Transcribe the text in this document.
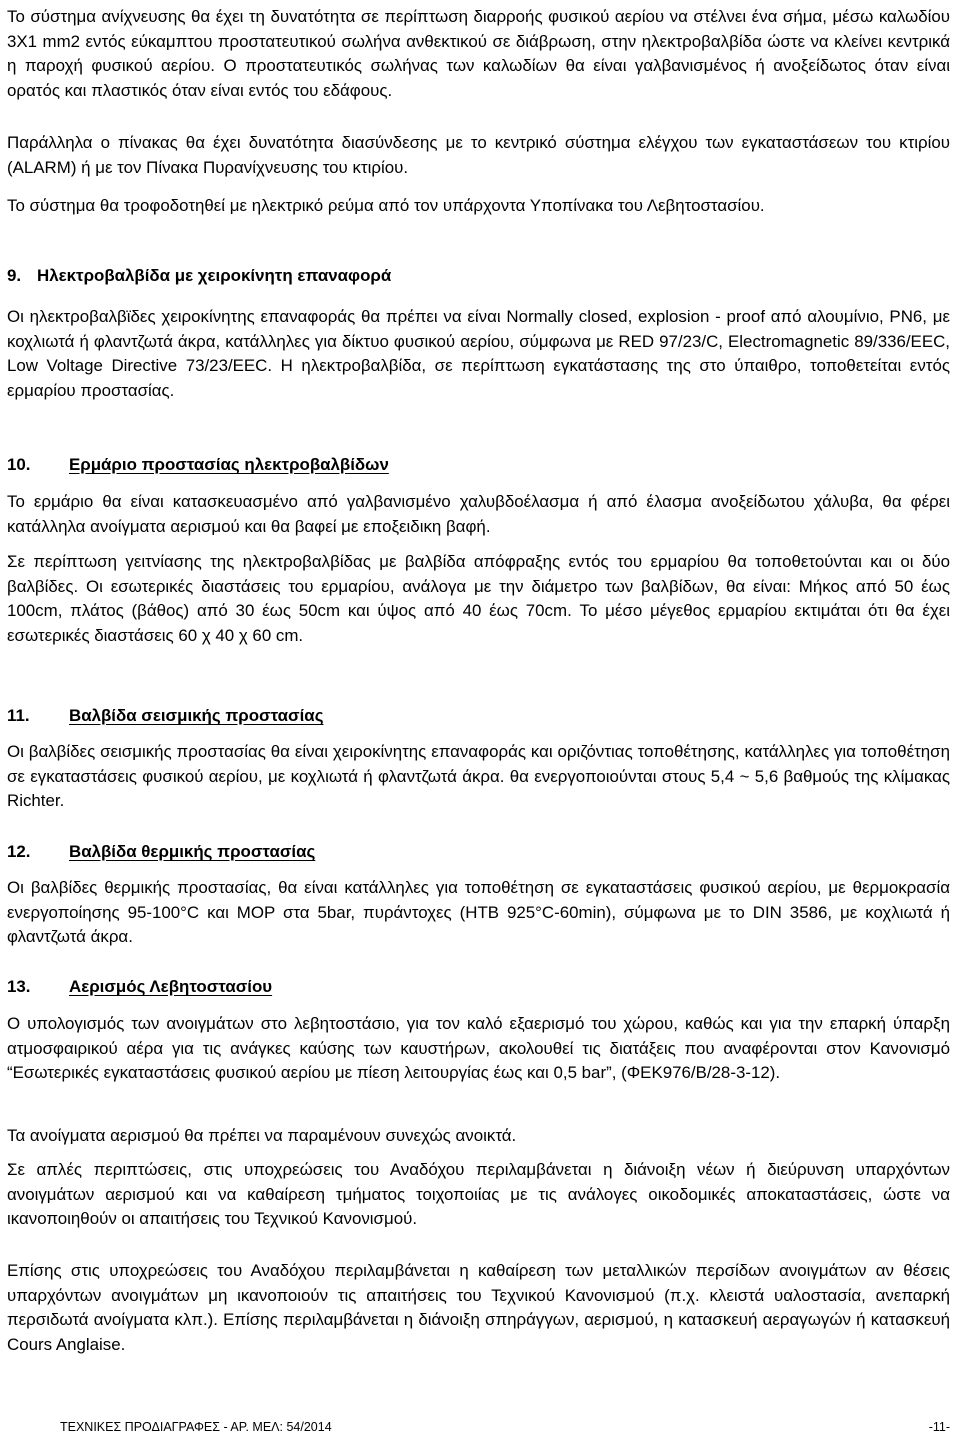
Το σύστημα ανίχνευσης θα έχει τη δυνατότητα σε περίπτωση διαρροής φυσικού αερίου να στέλνει ένα σήμα, μέσω καλωδίου 3Χ1 mm2 εντός εύκαμπτου προστατευτικού σωλήνα ανθεκτικού σε διάβρωση, στην ηλεκτροβαλβίδα ώστε να κλείνει κεντρικά η παροχή φυσικού αερίου. Ο προστατευτικός σωλήνας των καλωδίων θα είναι γαλβανισμένος ή ανοξείδωτος όταν είναι ορατός και πλαστικός όταν είναι εντός του εδάφους.

Παράλληλα ο πίνακας θα έχει δυνατότητα διασύνδεσης με το κεντρικό σύστημα ελέγχου των εγκαταστάσεων του κτιρίου (ALARM) ή με τον Πίνακα Πυρανίχνευσης του κτιρίου.

Το σύστημα θα τροφοδοτηθεί με ηλεκτρικό ρεύμα από τον υπάρχοντα Υποπίνακα του Λεβητοστασίου.

9. Ηλεκτροβαλβίδα με χειροκίνητη επαναφορά

Οι ηλεκτροβαλβϊδες χειροκίνητης επαναφοράς θα πρέπει να είναι Normally closed, explosion - proof από αλουμίνιο, PN6, με κοχλιωτά ή φλαντζωτά άκρα, κατάλληλες για δίκτυο φυσικού αερίου, σύμφωνα με RED 97/23/C, Electromagnetic 89/336/EEC, Low Voltage Directive 73/23/EEC. Η ηλεκτροβαλβίδα, σε περίπτωση εγκατάστασης της στο ύπαιθρο, τοποθετείται εντός ερμαρίου προστασίας.

10.	Ερμάριο προστασίας ηλεκτροβαλβίδων

Το ερμάριο θα είναι κατασκευασμένο από γαλβανισμένο χαλυβδοέλασμα ή από έλασμα ανοξείδωτου χάλυβα, θα φέρει κατάλληλα ανοίγματα αερισμού και θα βαφεί με εποξειδικη βαφή.

Σε περίπτωση γειτνίασης της ηλεκτροβαλβίδας με βαλβίδα απόφραξης εντός του ερμαρίου θα τοποθετούνται και οι δύο βαλβίδες. Οι εσωτερικές διαστάσεις του ερμαρίου, ανάλογα με την διάμετρο των βαλβίδων, θα είναι: Μήκος από 50 έως 100cm, πλάτος (βάθος) από 30 έως 50cm και ύψος από 40 έως 70cm. Το μέσο μέγεθος ερμαρίου εκτιμάται ότι θα έχει εσωτερικές διαστάσεις 60 χ 40 χ 60 cm.

11.	Βαλβίδα σεισμικής προστασίας

Οι βαλβίδες σεισμικής προστασίας θα είναι χειροκίνητης επαναφοράς και οριζόντιας τοποθέτησης, κατάλληλες για τοποθέτηση σε εγκαταστάσεις φυσικού αερίου, με κοχλιωτά ή φλαντζωτά άκρα. θα ενεργοποιούνται στους 5,4 ~ 5,6 βαθμούς της κλίμακας Richter.

12.	Βαλβίδα θερμικής προστασίας

Οι βαλβίδες θερμικής προστασίας, θα είναι κατάλληλες για τοποθέτηση σε εγκαταστάσεις φυσικού αερίου, με θερμοκρασία ενεργοποίησης 95-100°C και MOP στα 5bar, πυράντοχες (HTB 925°C-60min), σύμφωνα με το DIN 3586, με κοχλιωτά ή φλαντζωτά άκρα.

13.	Αερισμός Λεβητοστασίου

Ο υπολογισμός των ανοιγμάτων στο λεβητοστάσιο, για τον καλό εξαερισμό του χώρου, καθώς και για την επαρκή ύπαρξη ατμοσφαιρικού αέρα για τις ανάγκες καύσης των καυστήρων, ακολουθεί τις διατάξεις που αναφέρονται στον Κανονισμό “Εσωτερικές εγκαταστάσεις φυσικού αερίου με πίεση λειτουργίας έως και 0,5 bar”, (ΦΕΚ976/Β/28-3-12).

Τα ανοίγματα αερισμού θα πρέπει να παραμένουν συνεχώς ανοικτά.

Σε απλές περιπτώσεις, στις υποχρεώσεις του Αναδόχου περιλαμβάνεται η διάνοιξη νέων ή διεύρυνση υπαρχόντων ανοιγμάτων αερισμού και να καθαίρεση τμήματος τοιχοποιίας με τις ανάλογες οικοδομικές αποκαταστάσεις, ώστε να ικανοποιηθούν οι απαιτήσεις του Τεχνικού Κανονισμού.

Επίσης στις υποχρεώσεις του Αναδόχου περιλαμβάνεται η καθαίρεση των μεταλλικών περσίδων ανοιγμάτων αν θέσεις υπαρχόντων ανοιγμάτων μη ικανοποιούν τις απαιτήσεις του Τεχνικού Κανονισμού (π.χ. κλειστά υαλοστασία, ανεπαρκή περσιδωτά ανοίγματα κλπ.). Επίσης περιλαμβάνεται η διάνοιξη σπηράγγων, αερισμού, η κατασκευή αεραγωγών ή κατασκευή Cours Anglaise.

ΤΕΧΝΙΚΕΣ ΠΡΟΔΙΑΓΡΑΦΕΣ - ΑΡ. ΜΕΛ: 54/2014	-11-
